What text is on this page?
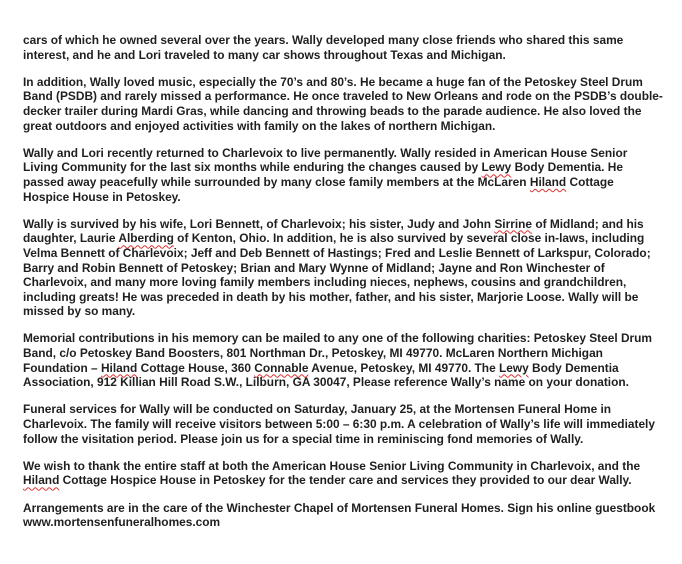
cars of which he owned several over the years. Wally developed many close friends who shared this same interest, and he and Lori traveled to many car shows throughout Texas and Michigan.

In addition, Wally loved music, especially the 70’s and 80’s. He became a huge fan of the Petoskey Steel Drum Band (PSDB) and rarely missed a performance. He once traveled to New Orleans and rode on the PSDB’s double-decker trailer during Mardi Gras, while dancing and throwing beads to the parade audience. He also loved the great outdoors and enjoyed activities with family on the lakes of northern Michigan.

Wally and Lori recently returned to Charlevoix to live permanently. Wally resided in American House Senior Living Community for the last six months while enduring the changes caused by Lewy Body Dementia. He passed away peacefully while surrounded by many close family members at the McLaren Hiland Cottage Hospice House in Petoskey.

Wally is survived by his wife, Lori Bennett, of Charlevoix; his sister, Judy and John Sirrine of Midland; and his daughter, Laurie Alberding of Kenton, Ohio. In addition, he is also survived by several close in-laws, including Velma Bennett of Charlevoix; Jeff and Deb Bennett of Hastings; Fred and Leslie Bennett of Larkspur, Colorado; Barry and Robin Bennett of Petoskey; Brian and Mary Wynne of Midland; Jayne and Ron Winchester of Charlevoix, and many more loving family members including nieces, nephews, cousins and grandchildren, including greats! He was preceded in death by his mother, father, and his sister, Marjorie Loose. Wally will be missed by so many.

Memorial contributions in his memory can be mailed to any one of the following charities: Petoskey Steel Drum Band, c/o Petoskey Band Boosters, 801 Northman Dr., Petoskey, MI 49770. McLaren Northern Michigan Foundation – Hiland Cottage House, 360 Connable Avenue, Petoskey, MI 49770. The Lewy Body Dementia Association, 912 Killian Hill Road S.W., Lilburn, GA 30047, Please reference Wally’s name on your donation.

Funeral services for Wally will be conducted on Saturday, January 25, at the Mortensen Funeral Home in Charlevoix. The family will receive visitors between 5:00 – 6:30 p.m. A celebration of Wally’s life will immediately follow the visitation period. Please join us for a special time in reminiscing fond memories of Wally.

We wish to thank the entire staff at both the American House Senior Living Community in Charlevoix, and the Hiland Cottage Hospice House in Petoskey for the tender care and services they provided to our dear Wally.

Arrangements are in the care of the Winchester Chapel of Mortensen Funeral Homes. Sign his online guestbook www.mortensenfuneralhomes.com
